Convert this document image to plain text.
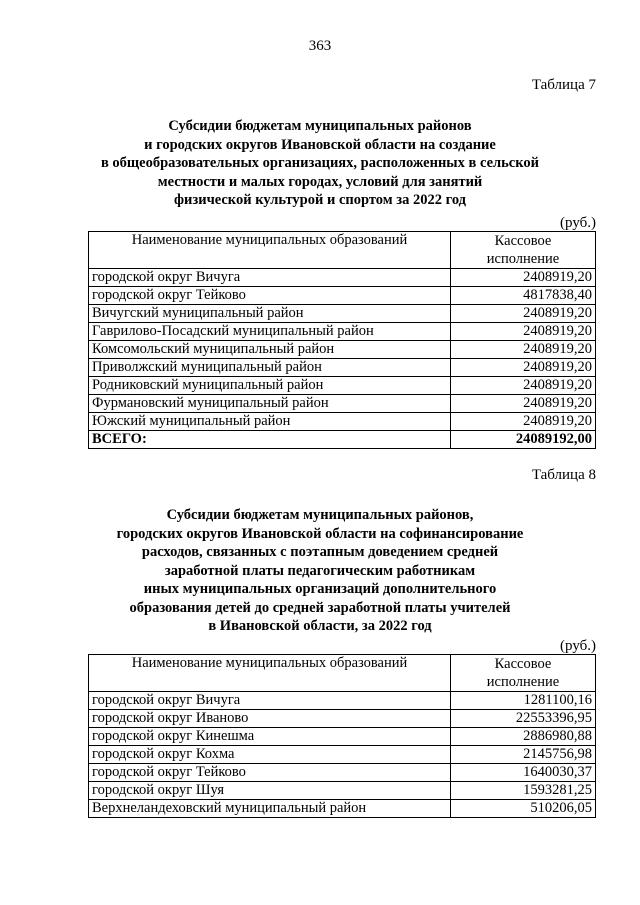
363
Таблица 7
Субсидии бюджетам муниципальных районов
и городских округов Ивановской области на создание
в общеобразовательных организациях, расположенных в сельской
местности и малых городах, условий для занятий
физической культурой и спортом за 2022 год
(руб.)
Наименование муниципальных образований	Кассовое
исполнение

городской округ Вичуга	2408919,20
городской округ Тейково	4817838,40
Вичугский муниципальный район	2408919,20
Гаврилово-Посадский муниципальный район	2408919,20
Комсомольский муниципальный район	2408919,20
Приволжский муниципальный район	2408919,20
Родниковский муниципальный район	2408919,20
Фурмановский муниципальный район	2408919,20
Южский муниципальный район	2408919,20
ВСЕГО:	24089192,00
Таблица 8
Субсидии бюджетам муниципальных районов,
городских округов Ивановской области на софинансирование
расходов, связанных с поэтапным доведением средней
заработной платы педагогическим работникам
иных муниципальных организаций дополнительного
образования детей до средней заработной платы учителей
в Ивановской области, за 2022 год
(руб.)
Наименование муниципальных образований	Кассовое
исполнение

городской округ Вичуга	1281100,16
городской округ Иваново	22553396,95
городской округ Кинешма	2886980,88
городской округ Кохма	2145756,98
городской округ Тейково	1640030,37
городской округ Шуя	1593281,25
Верхнеландеховский муниципальный район	510206,05
